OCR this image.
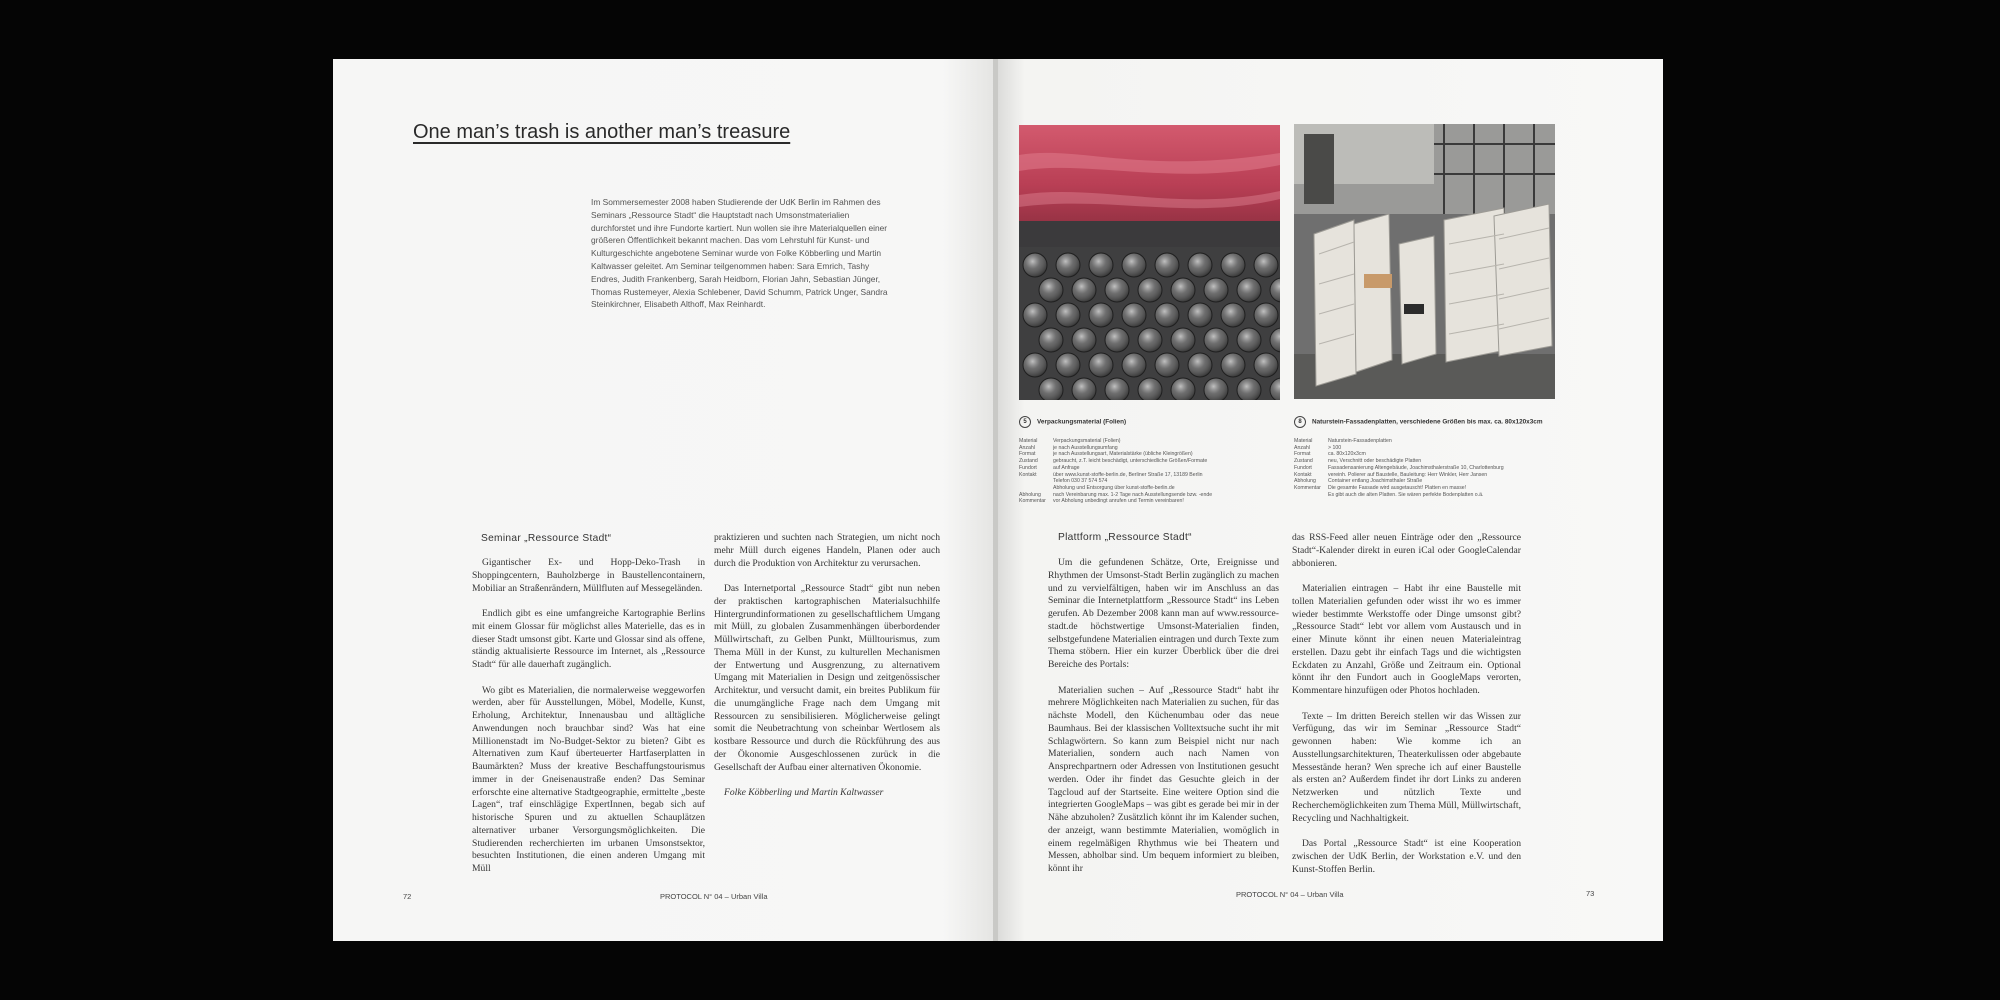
One man’s trash is another man’s treasure
Im Sommersemester 2008 haben Studierende der UdK Berlin im Rahmen des Seminars „Ressource Stadt“ die Hauptstadt nach Umsonstmaterialien durchforstet und ihre Fundorte kartiert. Nun wollen sie ihre Materialquellen einer größeren Öffentlichkeit bekannt machen. Das vom Lehrstuhl für Kunst- und Kulturgeschichte angebotene Seminar wurde von Folke Köbberling und Martin Kaltwasser geleitet. Am Seminar teilgenommen haben: Sara Emrich, Tashy Endres, Judith Frankenberg, Sarah Heidborn, Florian Jahn, Sebastian Jünger, Thomas Rustemeyer, Alexia Schlebener, David Schumm, Patrick Unger, Sandra Steinkirchner, Elisabeth Althoff, Max Reinhardt.
Seminar „Ressource Stadt“

Gigantischer Ex- und Hopp-Deko-Trash in Shoppingcentern, Bauholzberge in Baustellencontainern, Mobiliar an Straßenrändern, Müllfluten auf Messegeländen.

Endlich gibt es eine umfangreiche Kartographie Berlins mit einem Glossar für möglichst alles Materielle, das es in dieser Stadt umsonst gibt. Karte und Glossar sind als offene, ständig aktualisierte Ressource im Internet, als „Ressource Stadt“ für alle dauerhaft zugänglich.

Wo gibt es Materialien, die normalerweise weggeworfen werden, aber für Ausstellungen, Möbel, Modelle, Kunst, Erholung, Architektur, Innenausbau und alltägliche Anwendungen noch brauchbar sind? Was hat eine Millionenstadt im No-Budget-Sektor zu bieten? Gibt es Alternativen zum Kauf überteuerter Hartfaserplatten in Baumärkten? Muss der kreative Beschaffungstourismus immer in der Gneisenaustraße enden? Das Seminar erforschte eine alternative Stadtgeographie, ermittelte „beste Lagen“, traf einschlägige ExpertInnen, begab sich auf historische Spuren und zu aktuellen Schauplätzen alternativer urbaner Versorgungsmöglichkeiten. Die Studierenden recherchierten im urbanen Umsonstsektor, besuchten Institutionen, die einen anderen Umgang mit Müll

praktizieren und suchten nach Strategien, um nicht noch mehr Müll durch eigenes Handeln, Planen oder auch durch die Produktion von Architektur zu verursachen.

Das Internetportal „Ressource Stadt“ gibt nun neben der praktischen kartographischen Materialsuchhilfe Hintergrundinformationen zu gesellschaftlichem Umgang mit Müll, zu globalen Zusammenhängen überbordender Müllwirtschaft, zu Gelben Punkt, Mülltourismus, zum Thema Müll in der Kunst, zu kulturellen Mechanismen der Entwertung und Ausgrenzung, zu alternativem Umgang mit Materialien in Design und zeitgenössischer Architektur, und versucht damit, ein breites Publikum für die unumgängliche Frage nach dem Umgang mit Ressourcen zu sensibilisieren. Möglicherweise gelingt somit die Neubetrachtung von scheinbar Wertlosem als kostbare Ressource und durch die Rückführung des aus der Ökonomie Ausgeschlossenen zurück in die Gesellschaft der Aufbau einer alternativen Ökonomie.

Folke Köbberling und Martin Kaltwasser

72	PROTOCOL N° 04 – Urban Villa
5 Verpackungsmaterial (Folien)
Material	Verpackungsmaterial (Folien)
Anzahl	je nach Ausstellungsumfang
Format	je nach Ausstellungsart, Materialstärke (übliche Kleingrößen)
Zustand	gebraucht, z.T. leicht beschädigt, unterschiedliche Größen/Formate
Fundort	auf Anfrage
Kontakt	über www.kunst-stoffe-berlin.de, Berliner Straße 17, 13189 Berlin
Telefon 030 37 574 574
Abholung und Entsorgung über kunst-stoffe-berlin.de
Abholung	nach Vereinbarung max. 1-2 Tage nach Ausstellungsende bzw. -ende
Kommentar	vor Abholung unbedingt anrufen und Termin vereinbaren!
8 Naturstein-Fassadenplatten, verschiedene Größen bis max. ca. 80x120x3cm
Material	Naturstein-Fassadenplatten
Anzahl	> 100
Format	ca. 80x120x3cm
Zustand	neu, Verschnitt oder beschädigte Platten
Fundort	Fassadensanierung Altengebäude, Joachimsthalerstraße 10, Charlottenburg
Kontakt	vereinh. Polierer auf Baustelle, Bauleitung: Herr Winkler, Herr Jansen
Abholung	Container entlang Joachimsthaler Straße
Kommentar	Die gesamte Fassade wird ausgetauscht! Platten en masse!
Es gibt auch die alten Platten. Sie wären perfekte Bodenplatten o.ä.
Plattform „Ressource Stadt“

Um die gefundenen Schätze, Orte, Ereignisse und Rhythmen der Umsonst-Stadt Berlin zugänglich zu machen und zu vervielfältigen, haben wir im Anschluss an das Seminar die Internetplattform „Ressource Stadt“ ins Leben gerufen. Ab Dezember 2008 kann man auf www.ressource-stadt.de höchstwertige Umsonst-Materialien finden, selbstgefundene Materialien eintragen und durch Texte zum Thema stöbern. Hier ein kurzer Überblick über die drei Bereiche des Portals:

Materialien suchen – Auf „Ressource Stadt“ habt ihr mehrere Möglichkeiten nach Materialien zu suchen, für das nächste Modell, den Küchenumbau oder das neue Baumhaus. Bei der klassischen Volltextsuche sucht ihr mit Schlagwörtern. So kann zum Beispiel nicht nur nach Materialien, sondern auch nach Namen von Ansprechpartnern oder Adressen von Institutionen gesucht werden. Oder ihr findet das Gesuchte gleich in der Tagcloud auf der Startseite. Eine weitere Option sind die integrierten GoogleMaps – was gibt es gerade bei mir in der Nähe abzuholen? Zusätzlich könnt ihr im Kalender suchen, der anzeigt, wann bestimmte Materialien, womöglich in einem regelmäßigen Rhythmus wie bei Theatern und Messen, abholbar sind. Um bequem informiert zu bleiben, könnt ihr

das RSS-Feed aller neuen Einträge oder den „Ressource Stadt“-Kalender direkt in euren iCal oder GoogleCalendar abbonieren.

Materialien eintragen – Habt ihr eine Baustelle mit tollen Materialien gefunden oder wisst ihr wo es immer wieder bestimmte Werkstoffe oder Dinge umsonst gibt? „Ressource Stadt“ lebt vor allem vom Austausch und in einer Minute könnt ihr einen neuen Materialeintrag erstellen. Dazu gebt ihr einfach Tags und die wichtigsten Eckdaten zu Anzahl, Größe und Zeitraum ein. Optional könnt ihr den Fundort auch in GoogleMaps verorten, Kommentare hinzufügen oder Photos hochladen.

Texte – Im dritten Bereich stellen wir das Wissen zur Verfügung, das wir im Seminar „Ressource Stadt“ gewonnen haben: Wie komme ich an Ausstellungsarchitekturen, Theaterkulissen oder abgebaute Messestände heran? Wen spreche ich auf einer Baustelle als ersten an? Außerdem findet ihr dort Links zu anderen Netzwerken und nützlich Texte und Recherchemöglichkeiten zum Thema Müll, Müllwirtschaft, Recycling und Nachhaltigkeit.

Das Portal „Ressource Stadt“ ist eine Kooperation zwischen der UdK Berlin, der Workstation e.V. und den Kunst-Stoffen Berlin.

PROTOCOL N° 04 – Urban Villa	73
